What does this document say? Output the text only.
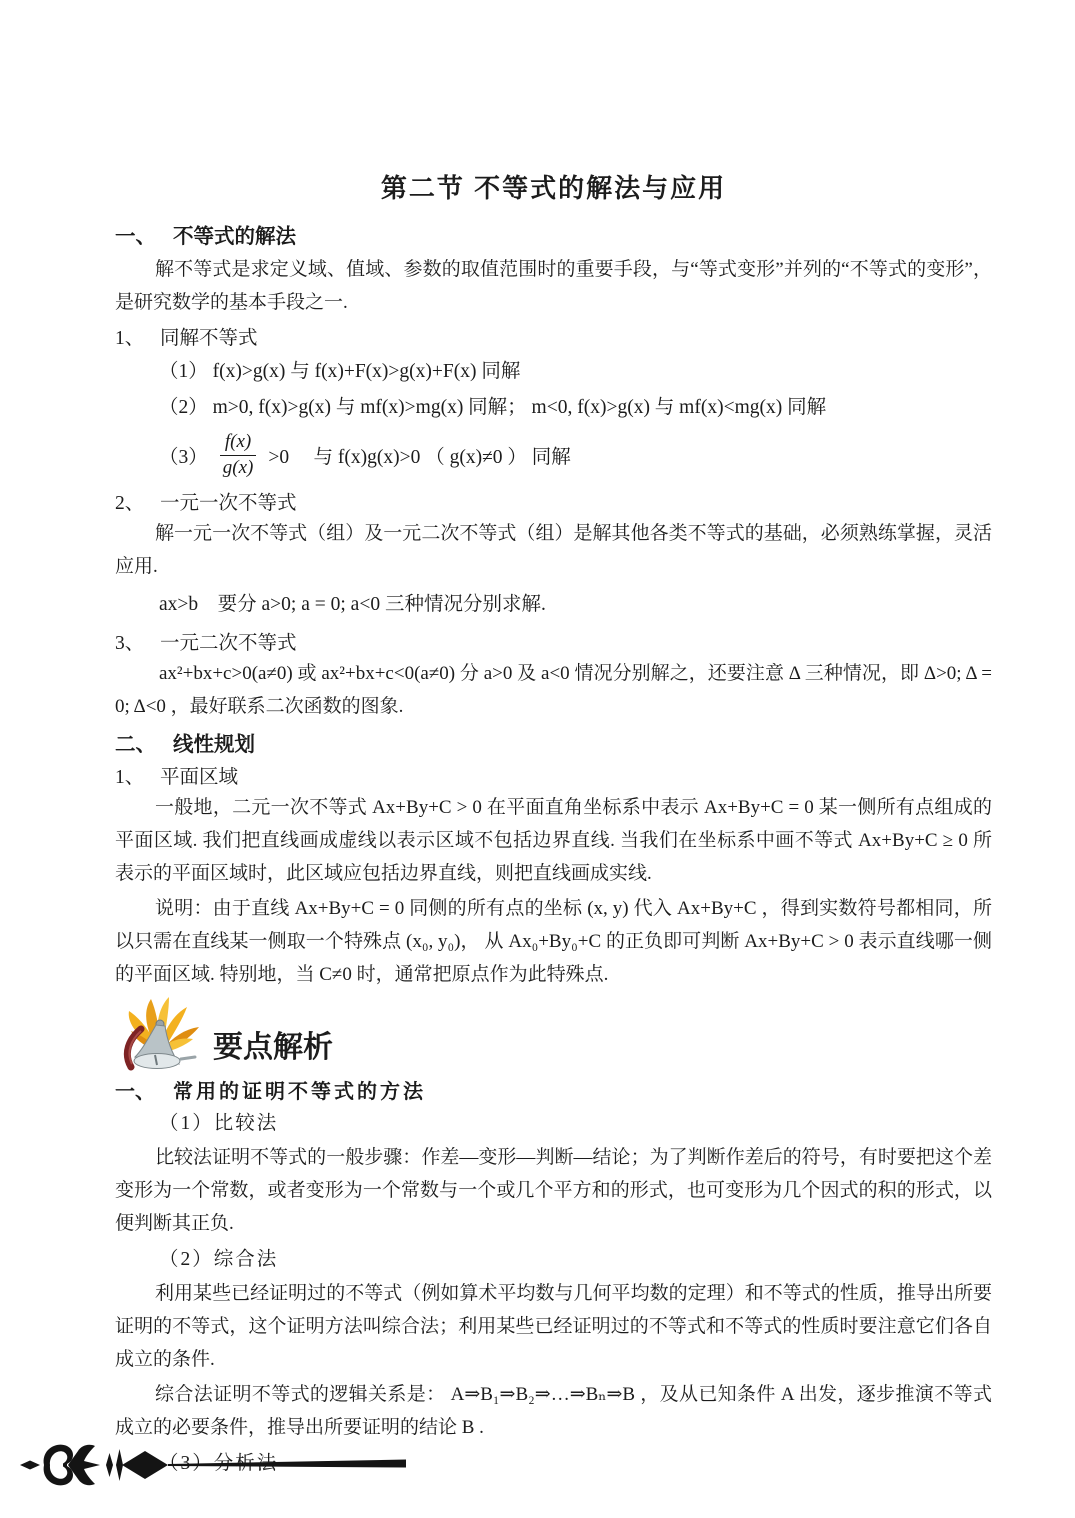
第二节 不等式的解法与应用
一、 不等式的解法

解不等式是求定义域、值域、参数的取值范围时的重要手段，与“等式变形”并列的“不等式的变形”，是研究数学的基本手段之一.

1、 同解不等式
（1） f(x)>g(x) 与 f(x)+F(x)>g(x)+F(x) 同解
（2） m>0, f(x)>g(x) 与 mf(x)>mg(x) 同解； m<0, f(x)>g(x) 与 mf(x)<mg(x) 同解
$(3) \frac{f(x)}{g(x)} >0$　 与 f(x)g(x)>0 （ g(x)≠0 ） 同解
2、 一元一次不等式

解一元一次不等式（组）及一元二次不等式（组）是解其他各类不等式的基础，必须熟练掌握，灵活应用.

ax>b　要分 a>0; a = 0; a<0 三种情况分别求解.
3、 一元二次不等式

ax²+bx+c>0(a≠0) 或 ax²+bx+c<0(a≠0) 分 a>0 及 a<0 情况分别解之，还要注意 Δ 三种情况，即 Δ>0; Δ = 0; Δ<0 ，最好联系二次函数的图象.

二、 线性规划
1、 平面区域

一般地，二元一次不等式 Ax+By+C > 0 在平面直角坐标系中表示 Ax+By+C = 0 某一侧所有点组成的平面区域. 我们把直线画成虚线以表示区域不包括边界直线. 当我们在坐标系中画不等式 Ax+By+C ≥ 0 所表示的平面区域时，此区域应包括边界直线，则把直线画成实线.

说明：由于直线 Ax+By+C = 0 同侧的所有点的坐标 (x, y) 代入 Ax+By+C ，得到实数符号都相同，所以只需在直线某一侧取一个特殊点 (x₀, y₀)， 从 Ax₀+By₀+C 的正负即可判断 Ax+By+C > 0 表示直线哪一侧的平面区域. 特别地，当 C≠0 时，通常把原点作为此特殊点.

要点解析
一、 常用的证明不等式的方法
（1）比较法

比较法证明不等式的一般步骤：作差—变形—判断—结论；为了判断作差后的符号，有时要把这个差变形为一个常数，或者变形为一个常数与一个或几个平方和的形式，也可变形为几个因式的积的形式，以便判断其正负.

（2）综合法

利用某些已经证明过的不等式（例如算术平均数与几何平均数的定理）和不等式的性质，推导出所要证明的不等式，这个证明方法叫综合法；利用某些已经证明过的不等式和不等式的性质时要注意它们各自成立的条件.

综合法证明不等式的逻辑关系是： A⇒B₁⇒B₂⇒…⇒Bₙ⇒B ，及从已知条件 A 出发，逐步推演不等式成立的必要条件，推导出所要证明的结论 B .
